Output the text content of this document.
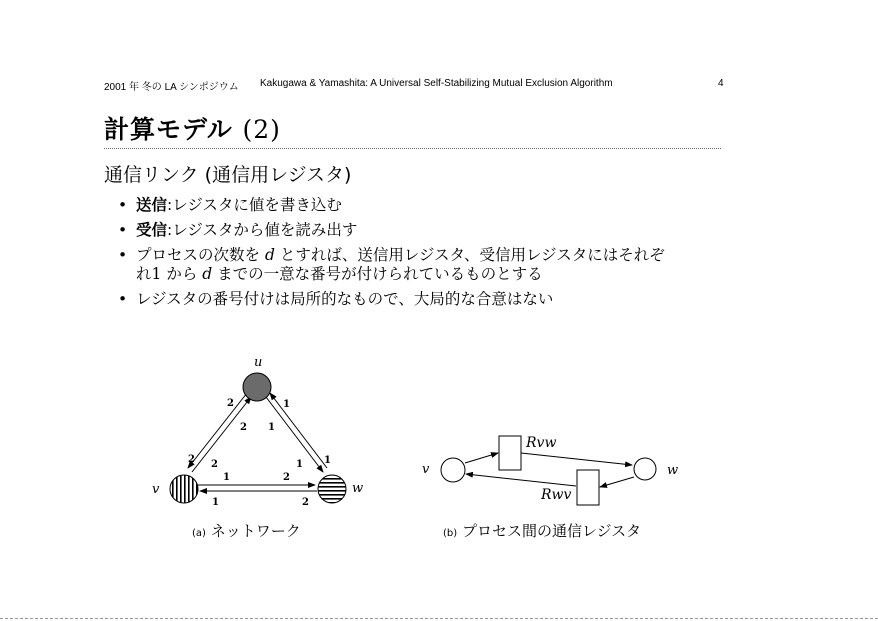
2001 年 冬の LA シンポジウム Kakugawa & Yamashita: A Universal Self-Stabilizing Mutual Exclusion Algorithm	4
計算モデル (2)
通信リンク (通信用レジスタ)
• 送信:レジスタに値を書き込む
• 受信:レジスタから値を読み出す
• プロセスの次数を d とすれば、送信用レジスタ、受信用レジスタにはそれぞ
れ1 から d までの一意な番号が付けられているものとする
• レジスタの番号付けは局所的なもので、大局的な合意はない
u
v	w
2
2
1
1
2 2	1 1
1	2
1	2
(a) ネットワーク
v	w
Rvw
Rwv
(b) プロセス間の通信レジスタ
